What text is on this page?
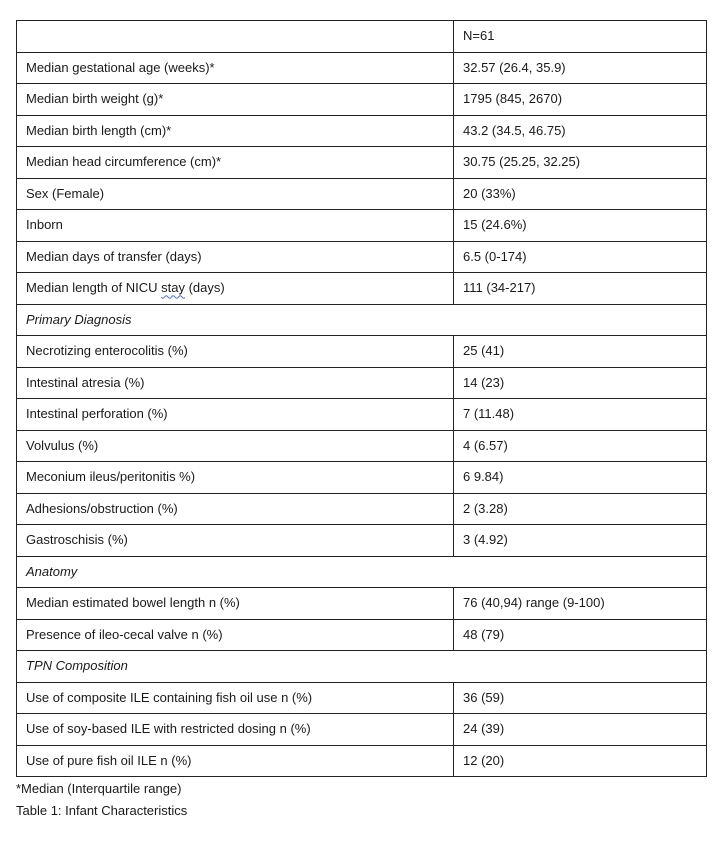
	N=61
Median gestational age (weeks)*	32.57 (26.4, 35.9)
Median birth weight (g)*	1795 (845, 2670)
Median birth length (cm)*	43.2 (34.5, 46.75)
Median head circumference (cm)*	30.75 (25.25, 32.25)
Sex (Female)	20 (33%)
Inborn	15 (24.6%)
Median days of transfer (days)	6.5 (0-174)
Median length of NICU stay (days)	111 (34-217)
Primary Diagnosis	
Necrotizing enterocolitis (%)	25 (41)
Intestinal atresia (%)	14 (23)
Intestinal perforation (%)	7 (11.48)
Volvulus (%)	4 (6.57)
Meconium ileus/peritonitis %)	6 9.84)
Adhesions/obstruction (%)	2 (3.28)
Gastroschisis (%)	3 (4.92)
Anatomy	
Median estimated bowel length n (%)	76 (40,94) range (9-100)
Presence of ileo-cecal valve n (%)	48 (79)
TPN Composition	
Use of composite ILE containing fish oil use n (%)	36 (59)
Use of soy-based ILE with restricted dosing n (%)	24 (39)
Use of pure fish oil ILE n (%)	12 (20)
*Median (Interquartile range)
Table 1: Infant Characteristics
